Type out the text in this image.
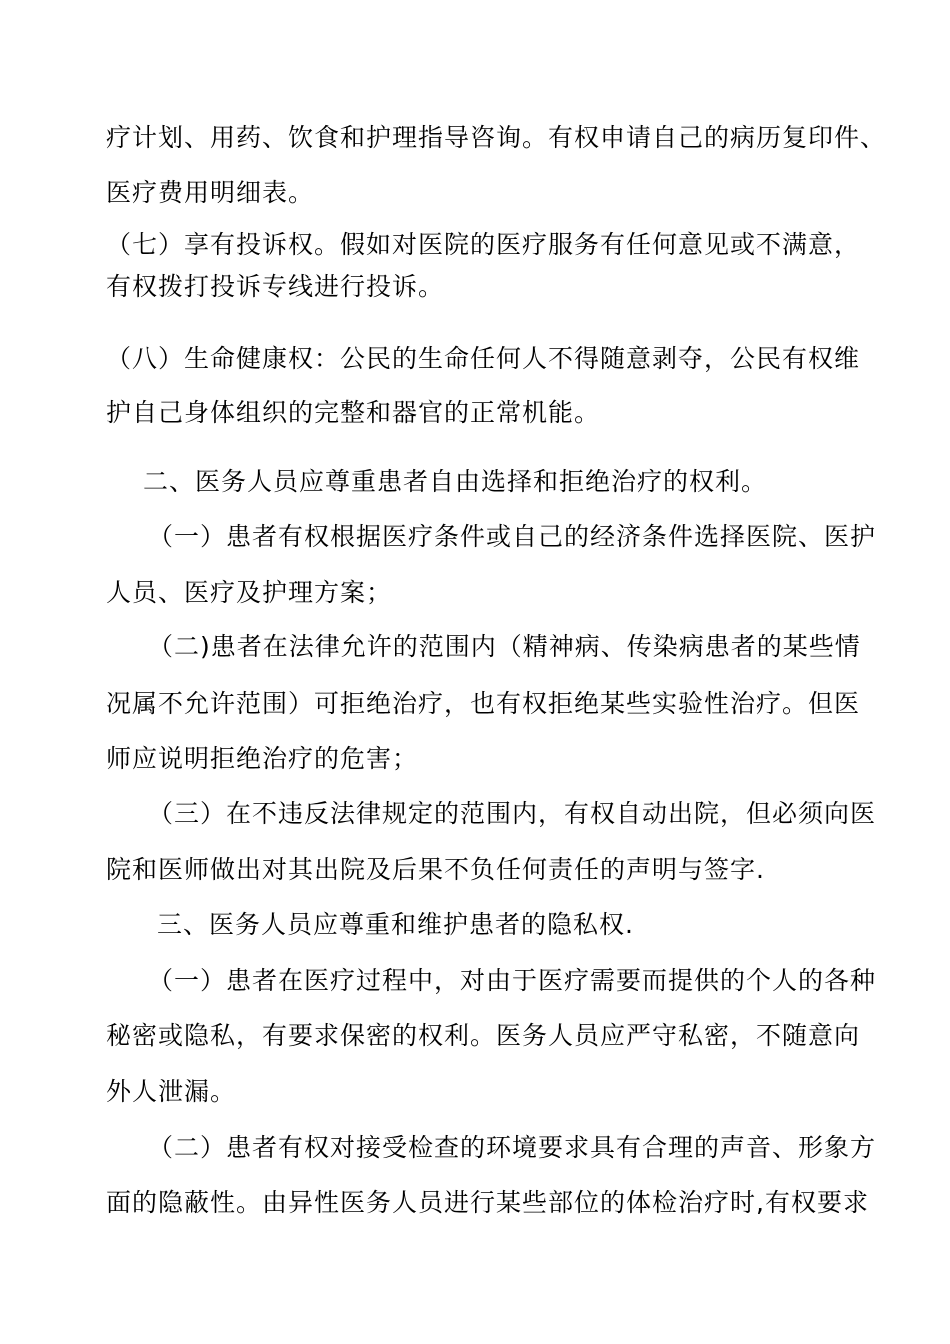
疗计划、用药、饮食和护理指导咨询。有权申请自己的病历复印件、
医疗费用明细表。
（七）享有投诉权。假如对医院的医疗服务有任何意见或不满意，
有权拨打投诉专线进行投诉。
（八）生命健康权：公民的生命任何人不得随意剥夺，公民有权维
护自己身体组织的完整和器官的正常机能。
二、医务人员应尊重患者自由选择和拒绝治疗的权利。
（一）患者有权根据医疗条件或自己的经济条件选择医院、医护
人员、医疗及护理方案；
（二)患者在法律允许的范围内（精神病、传染病患者的某些情
况属不允许范围）可拒绝治疗，也有权拒绝某些实验性治疗。但医
师应说明拒绝治疗的危害；
（三）在不违反法律规定的范围内，有权自动出院，但必须向医
院和医师做出对其出院及后果不负任何责任的声明与签字.
三、医务人员应尊重和维护患者的隐私权.
（一）患者在医疗过程中，对由于医疗需要而提供的个人的各种
秘密或隐私，有要求保密的权利。医务人员应严守私密，不随意向
外人泄漏。
（二）患者有权对接受检查的环境要求具有合理的声音、形象方
面的隐蔽性。由异性医务人员进行某些部位的体检治疗时,有权要求
